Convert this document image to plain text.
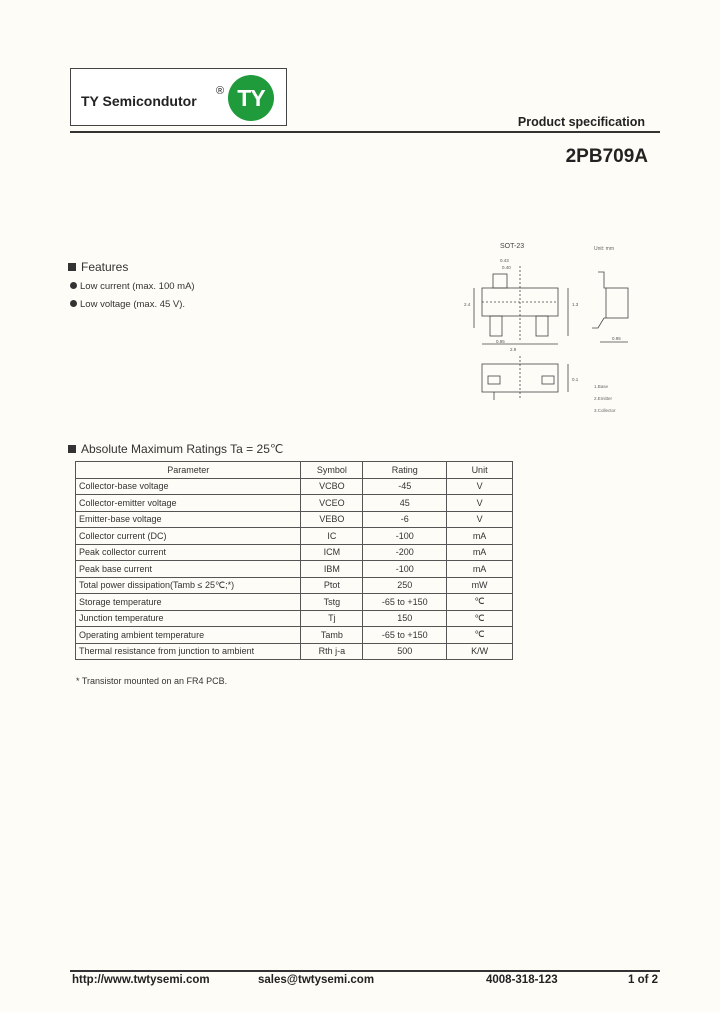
TY Semicondutor
® TY
Product specification
2PB709A
SOT-23	Unit: mm
0.43
0.40
2.4	1.3
0.95
2.9
0.95
0.1
1.Base
2.Emitter
3.Collector
Features
Low current (max. 100 mA)
Low voltage (max. 45 V).
Absolute Maximum Ratings Ta = 25℃
Parameter	Symbol	Rating	Unit
Collector-base voltage	VCBO	-45	V
Collector-emitter voltage	VCEO	45	V
Emitter-base voltage	VEBO	-6	V
Collector current (DC)	IC	-100	mA
Peak collector current	ICM	-200	mA
Peak base current	IBM	-100	mA
Total power dissipation(Tamb ≤ 25℃;*)	Ptot	250	mW
Storage temperature	Tstg	-65 to +150	℃
Junction temperature	Tj	150	℃
Operating ambient temperature	Tamb	-65 to +150	℃
Thermal resistance from junction to ambient	Rth j-a	500	K/W
* Transistor mounted on an FR4 PCB.
http://www.twtysemi.com	sales@twtysemi.com	4008-318-123	1 of 2
